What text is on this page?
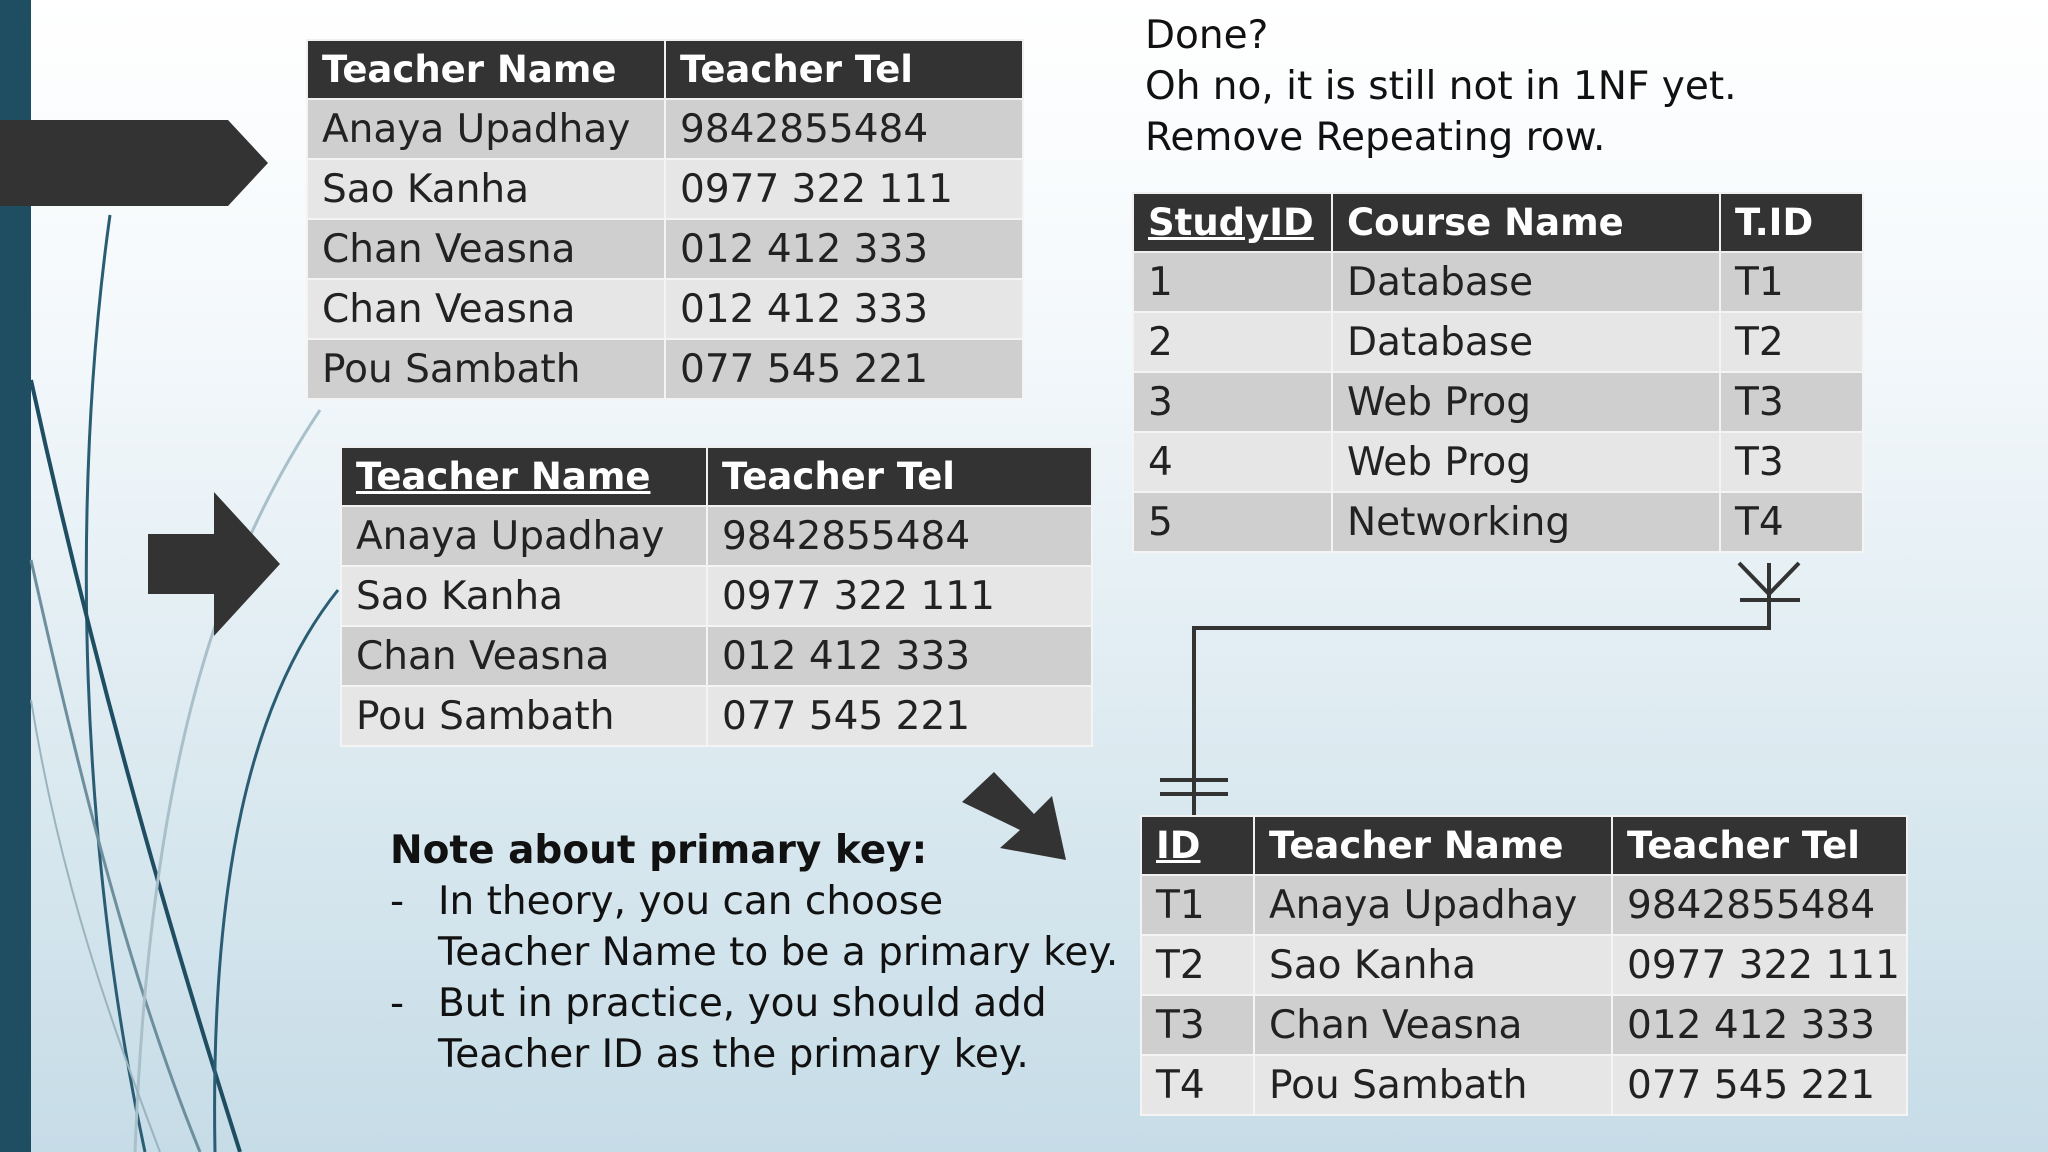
Teacher Name	Teacher Tel
Anaya Upadhay	9842855484
Sao Kanha	0977 322 111
Chan Veasna	012 412 333
Chan Veasna	012 412 333
Pou Sambath	077 545 221
Teacher Name	Teacher Tel
Anaya Upadhay	9842855484
Sao Kanha	0977 322 111
Chan Veasna	012 412 333
Pou Sambath	077 545 221
Done?
Oh no, it is still not in 1NF yet.
Remove Repeating row.
StudyID	Course Name	T.ID
1	Database	T1
2	Database	T2
3	Web Prog	T3
4	Web Prog	T3
5	Networking	T4
ID	Teacher Name	Teacher Tel
T1	Anaya Upadhay	9842855484
T2	Sao Kanha	0977 322 111
T3	Chan Veasna	012 412 333
T4	Pou Sambath	077 545 221
Note about primary key:
- In theory, you can choose
Teacher Name to be a primary key.
- But in practice, you should add
Teacher ID as the primary key.
